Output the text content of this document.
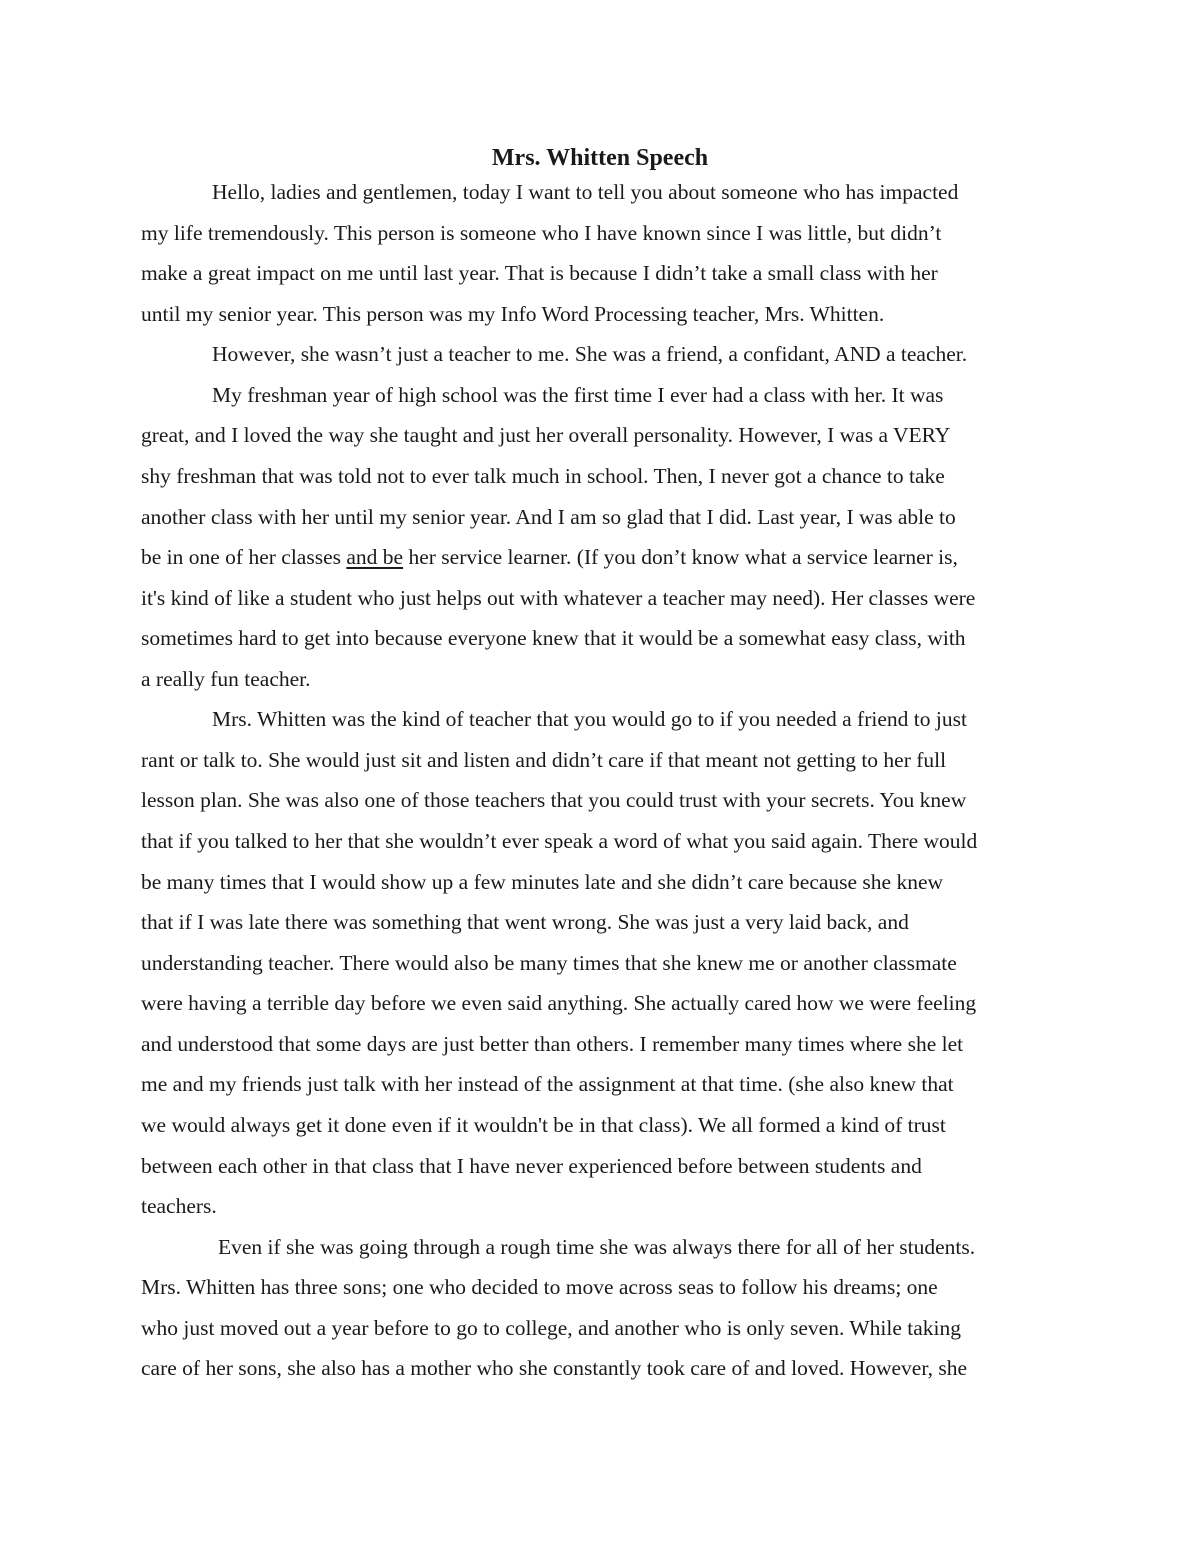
Mrs. Whitten Speech
Hello, ladies and gentlemen, today I want to tell you about someone who has impacted
my life tremendously. This person is someone who I have known since I was little, but didn’t
make a great impact on me until last year. That is because I didn’t take a small class with her
until my senior year. This person was my Info Word Processing teacher, Mrs. Whitten.
However, she wasn’t just a teacher to me. She was a friend, a confidant, AND a teacher.
My freshman year of high school was the first time I ever had a class with her. It was
great, and I loved the way she taught and just her overall personality. However, I was a VERY
shy freshman that was told not to ever talk much in school. Then, I never got a chance to take
another class with her until my senior year. And I am so glad that I did. Last year, I was able to
be in one of her classes and be her service learner. (If you don’t know what a service learner is,
it's kind of like a student who just helps out with whatever a teacher may need). Her classes were
sometimes hard to get into because everyone knew that it would be a somewhat easy class, with
a really fun teacher.
Mrs. Whitten was the kind of teacher that you would go to if you needed a friend to just
rant or talk to. She would just sit and listen and didn’t care if that meant not getting to her full
lesson plan. She was also one of those teachers that you could trust with your secrets. You knew
that if you talked to her that she wouldn’t ever speak a word of what you said again. There would
be many times that I would show up a few minutes late and she didn’t care because she knew
that if I was late there was something that went wrong. She was just a very laid back, and
understanding teacher. There would also be many times that she knew me or another classmate
were having a terrible day before we even said anything. She actually cared how we were feeling
and understood that some days are just better than others. I remember many times where she let
me and my friends just talk with her instead of the assignment at that time. (she also knew that
we would always get it done even if it wouldn't be in that class). We all formed a kind of trust
between each other in that class that I have never experienced before between students and
teachers.
Even if she was going through a rough time she was always there for all of her students.
Mrs. Whitten has three sons; one who decided to move across seas to follow his dreams; one
who just moved out a year before to go to college, and another who is only seven. While taking
care of her sons, she also has a mother who she constantly took care of and loved. However, she
